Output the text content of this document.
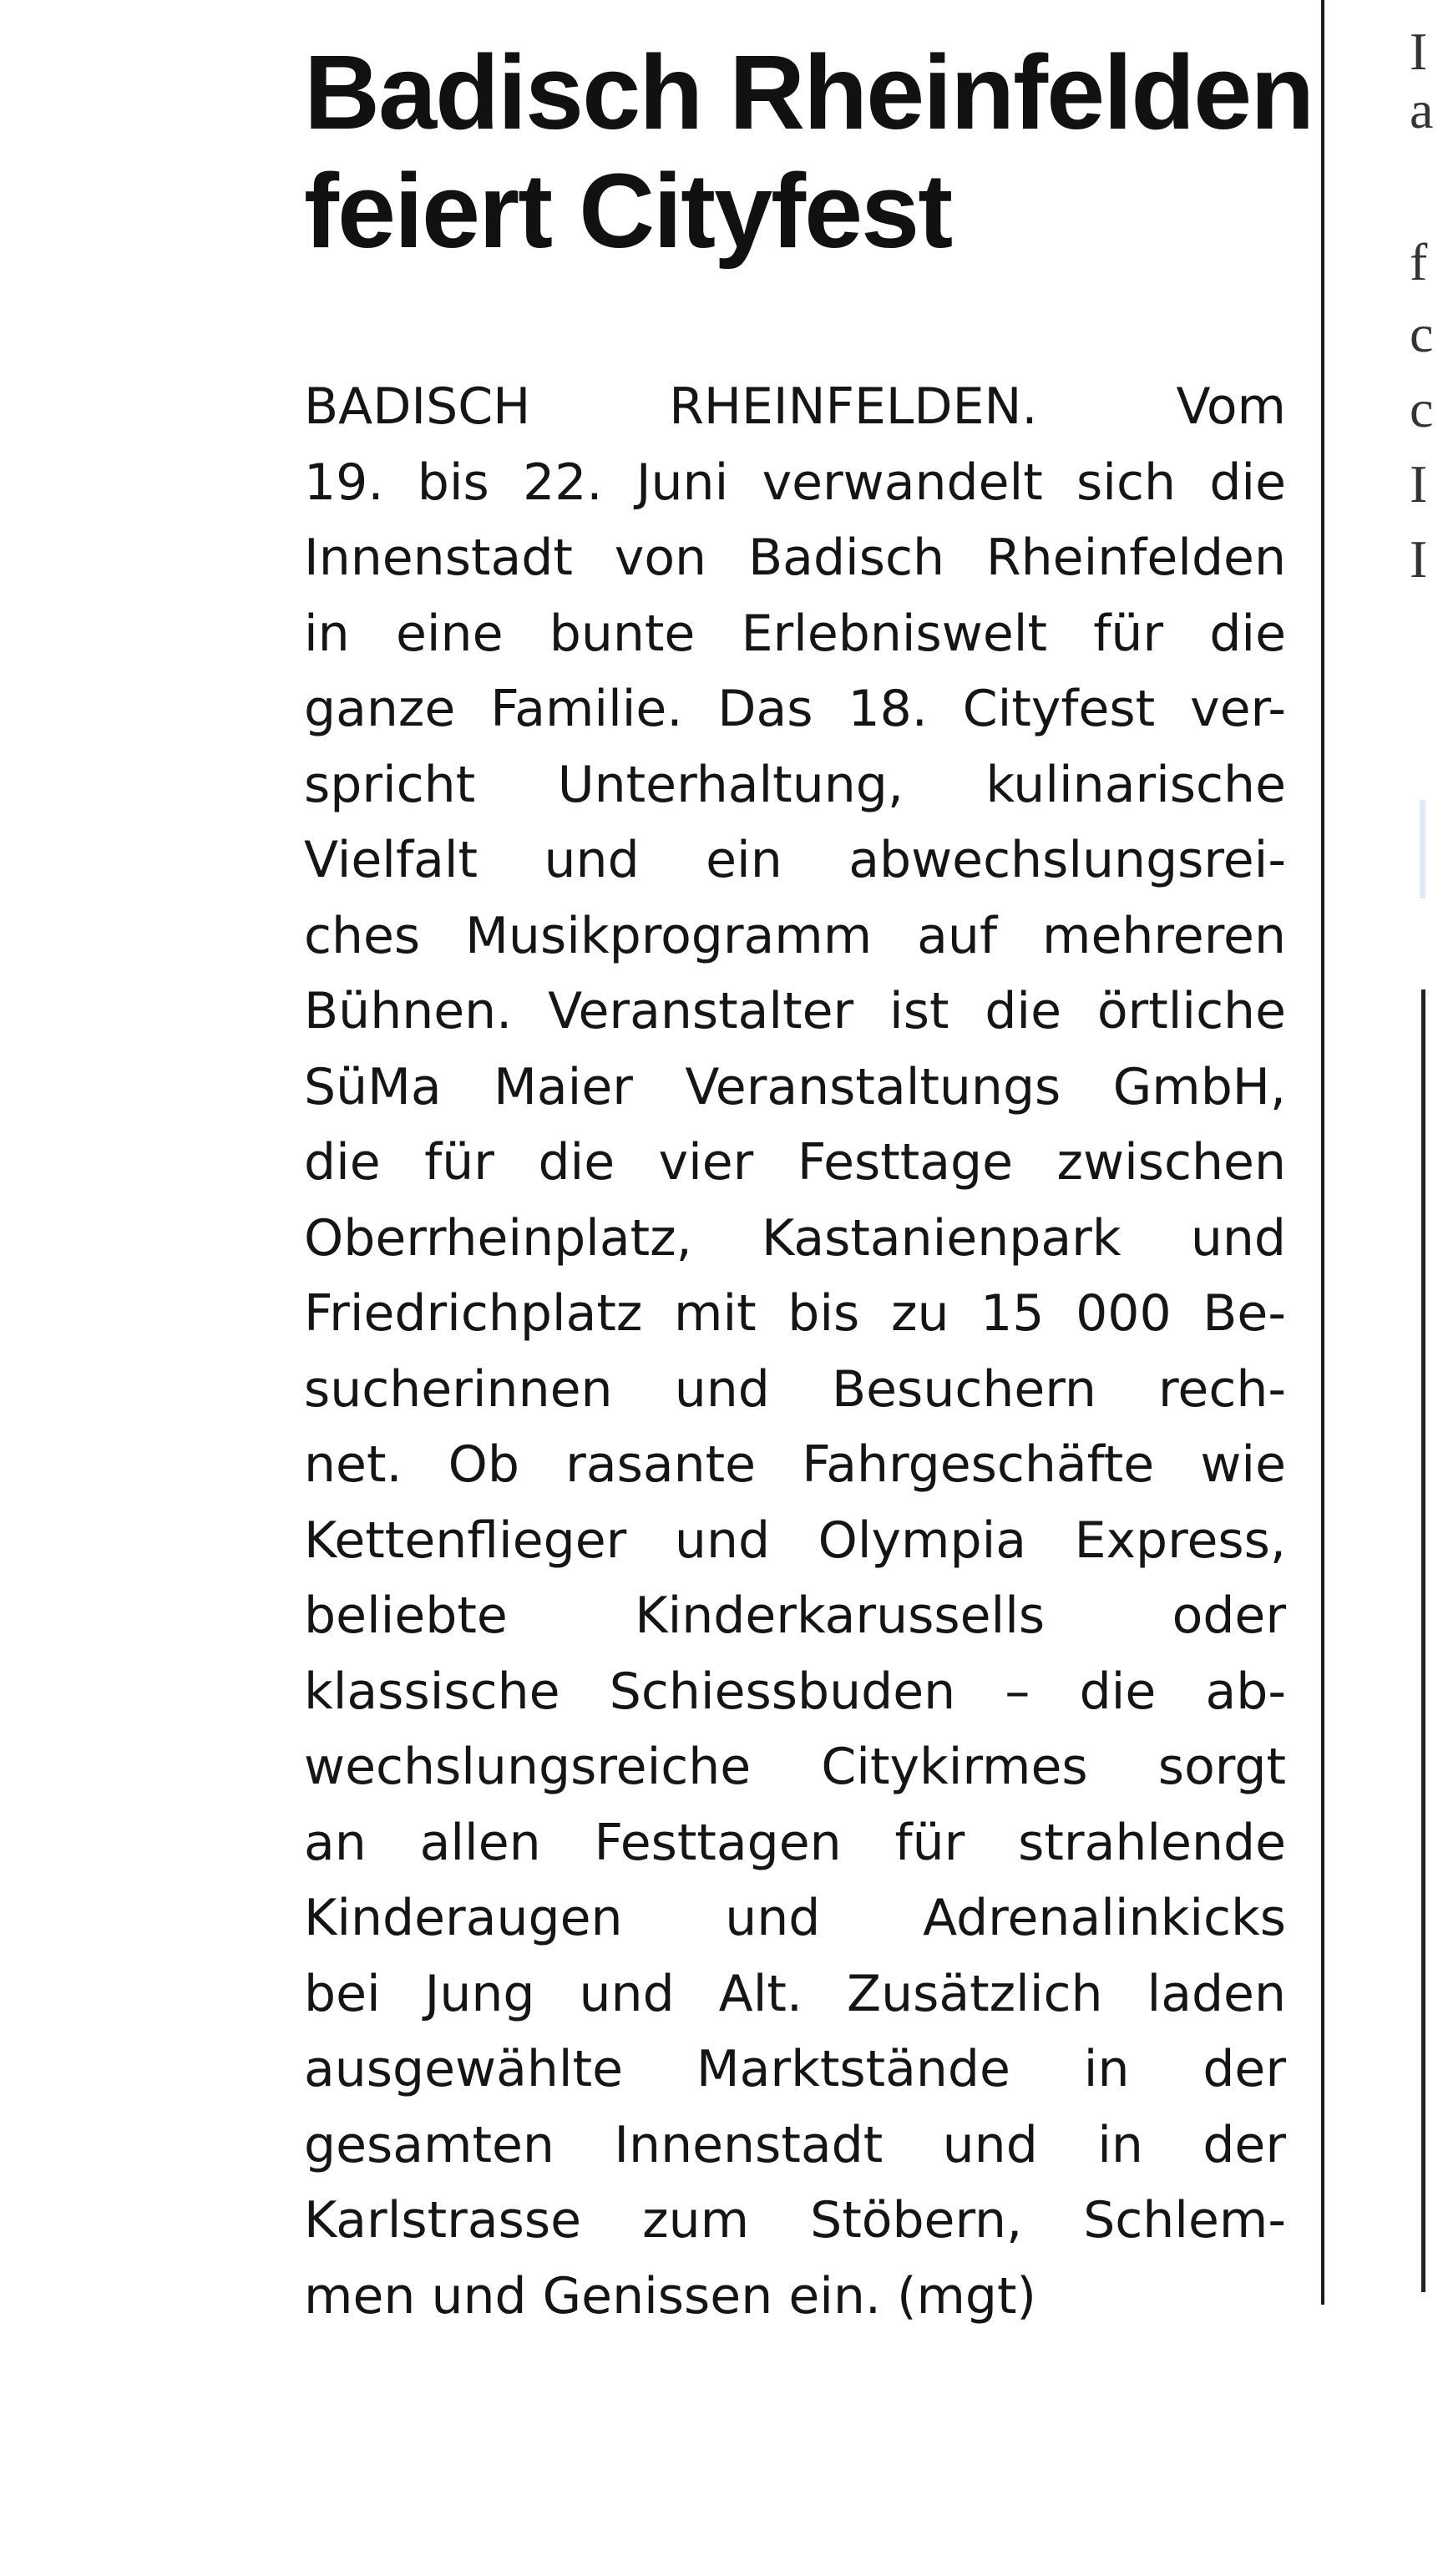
Badisch Rheinfelden
feiert Cityfest
BADISCH RHEINFELDEN. Vom
19. bis 22. Juni verwandelt sich die
Innenstadt von Badisch Rheinfelden
in eine bunte Erlebniswelt für die
ganze Familie. Das 18. Cityfest ver-
spricht Unterhaltung, kulinarische
Vielfalt und ein abwechslungsrei-
ches Musikprogramm auf mehreren
Bühnen. Veranstalter ist die örtliche
SüMa Maier Veranstaltungs GmbH,
die für die vier Festtage zwischen
Oberrheinplatz, Kastanienpark und
Friedrichplatz mit bis zu 15 000 Be-
sucherinnen und Besuchern rech-
net. Ob rasante Fahrgeschäfte wie
Kettenflieger und Olympia Express,
beliebte Kinderkarussells oder
klassische Schiessbuden – die ab-
wechslungsreiche Citykirmes sorgt
an allen Festtagen für strahlende
Kinderaugen und Adrenalinkicks
bei Jung und Alt. Zusätzlich laden
ausgewählte Marktstände in der
gesamten Innenstadt und in der
Karlstrasse zum Stöbern, Schlem-
men und Genissen ein. (mgt)
I
a
f
c
c
I
I
